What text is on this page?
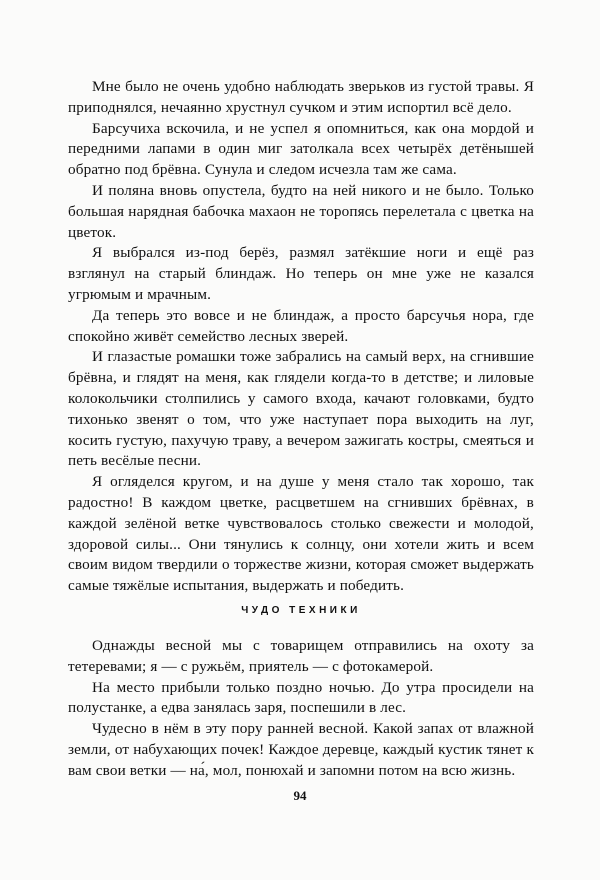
Мне было не очень удобно наблюдать зверьков из густой травы. Я приподнялся, нечаянно хрустнул сучком и этим испортил всё дело.

Барсучиха вскочила, и не успел я опомниться, как она мордой и передними лапами в один миг затолкала всех четырёх детёнышей обратно под брёвна. Сунула и следом исчезла там же сама.

И поляна вновь опустела, будто на ней никого и не было. Только большая нарядная бабочка махаон не торопясь перелетала с цветка на цветок.

Я выбрался из-под берёз, размял затёкшие ноги и ещё раз взглянул на старый блиндаж. Но теперь он мне уже не казался угрюмым и мрачным.

Да теперь это вовсе и не блиндаж, а просто барсучья нора, где спокойно живёт семейство лесных зверей.

И глазастые ромашки тоже забрались на самый верх, на сгнившие брёвна, и глядят на меня, как глядели когда-то в детстве; и лиловые колокольчики столпились у самого входа, качают головками, будто тихонько звенят о том, что уже наступает пора выходить на луг, косить густую, пахучую траву, а вечером зажигать костры, смеяться и петь весёлые песни.

Я огляделся кругом, и на душе у меня стало так хорошо, так радостно! В каждом цветке, расцветшем на сгнивших брёвнах, в каждой зелёной ветке чувствовалось столько свежести и молодой, здоровой силы... Они тянулись к солнцу, они хотели жить и всем своим видом твердили о торжестве жизни, которая сможет выдержать самые тяжёлые испытания, выдержать и победить.

ЧУДО ТЕХНИКИ

Однажды весной мы с товарищем отправились на охоту за тетеревами; я — с ружьём, приятель — с фотокамерой.

На место прибыли только поздно ночью. До утра просидели на полустанке, а едва занялась заря, поспешили в лес.

Чудесно в нём в эту пору ранней весной. Какой запах от влажной земли, от набухающих почек! Каждое деревце, каждый кустик тянет к вам свои ветки — на́, мол, понюхай и запомни потом на всю жизнь.

94
